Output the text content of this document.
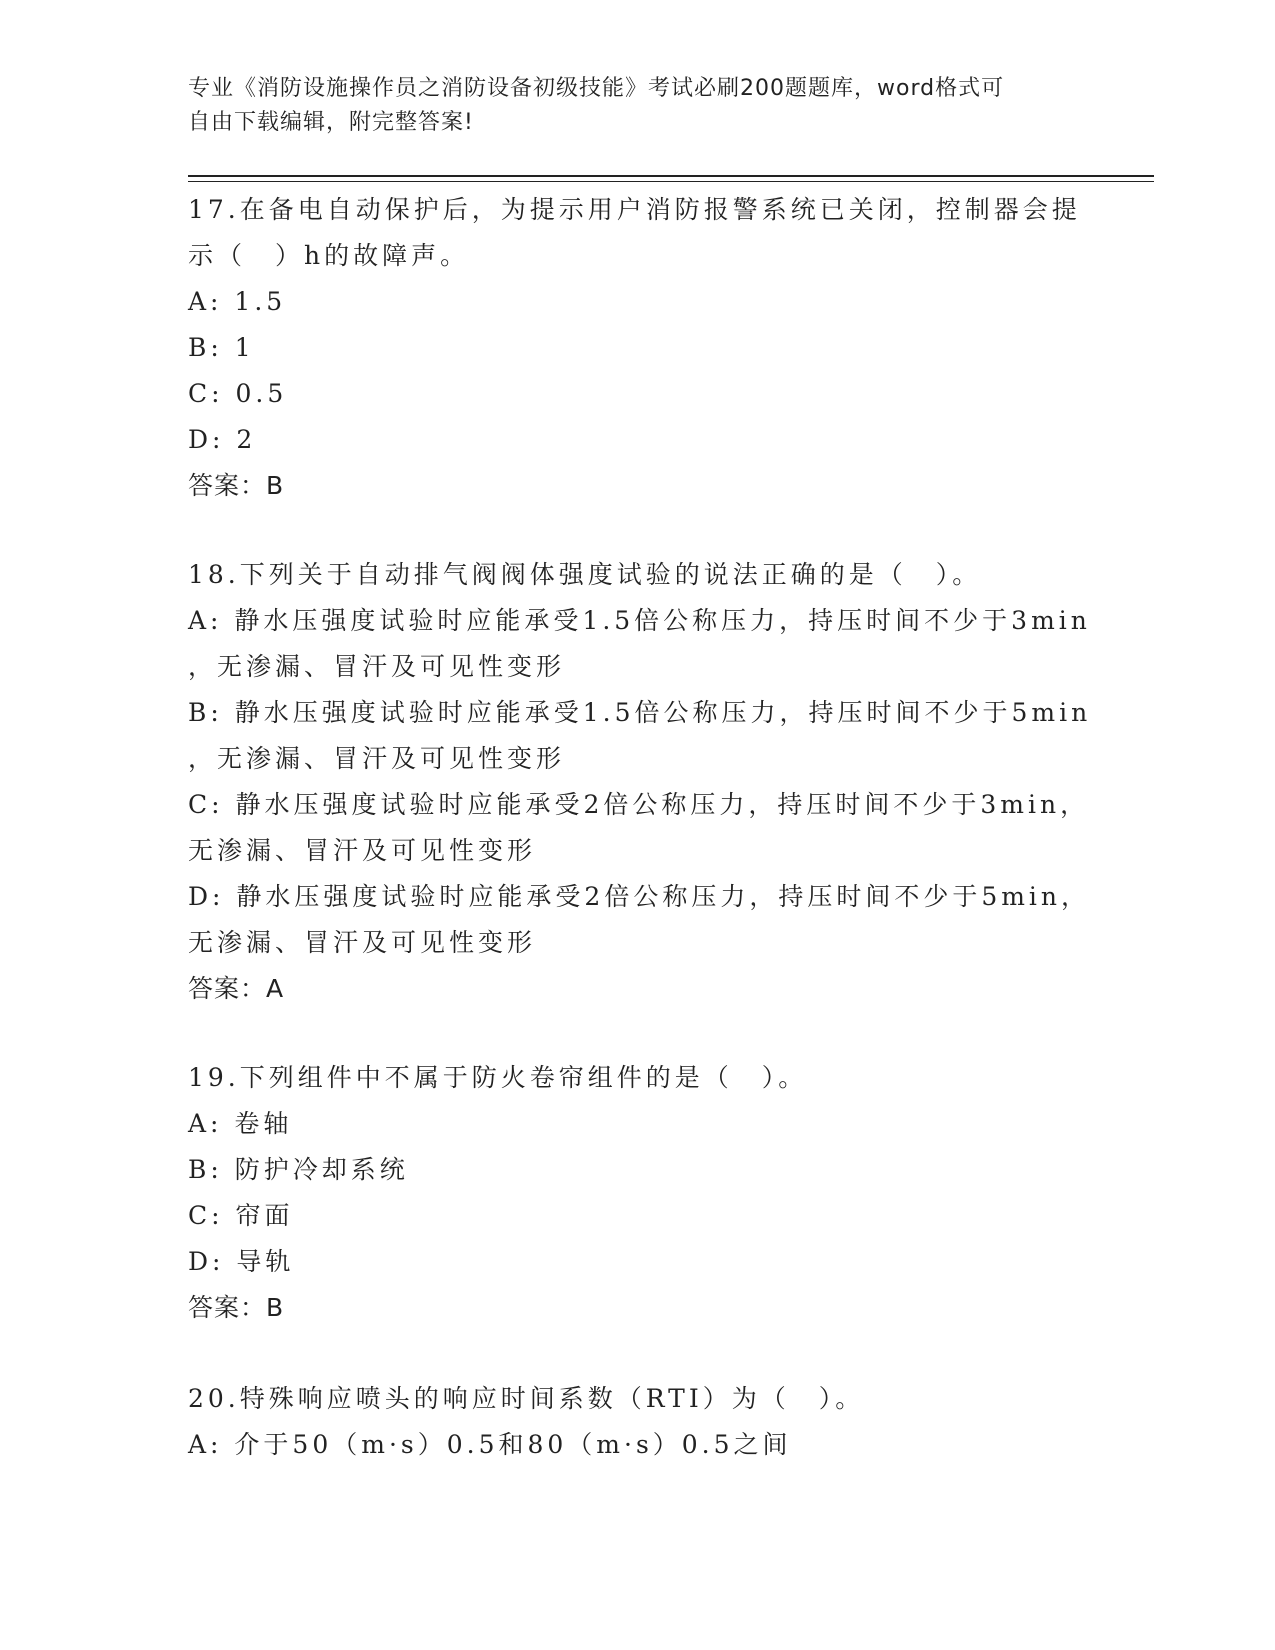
专业《消防设施操作员之消防设备初级技能》考试必刷200题题库，word格式可
自由下载编辑，附完整答案!
17.在备电自动保护后，为提示用户消防报警系统已关闭，控制器会提
示（　）h的故障声。
A: 1.5
B: 1
C: 0.5
D: 2
答案：B
18.下列关于自动排气阀阀体强度试验的说法正确的是（　）。
A: 静水压强度试验时应能承受1.5倍公称压力，持压时间不少于3min
，无渗漏、冒汗及可见性变形
B: 静水压强度试验时应能承受1.5倍公称压力，持压时间不少于5min
，无渗漏、冒汗及可见性变形
C: 静水压强度试验时应能承受2倍公称压力，持压时间不少于3min，
无渗漏、冒汗及可见性变形
D: 静水压强度试验时应能承受2倍公称压力，持压时间不少于5min，
无渗漏、冒汗及可见性变形
答案：A
19.下列组件中不属于防火卷帘组件的是（　）。
A: 卷轴
B: 防护冷却系统
C: 帘面
D: 导轨
答案：B
20.特殊响应喷头的响应时间系数（RTI）为（　）。
A: 介于50（m·s）0.5和80（m·s）0.5之间
